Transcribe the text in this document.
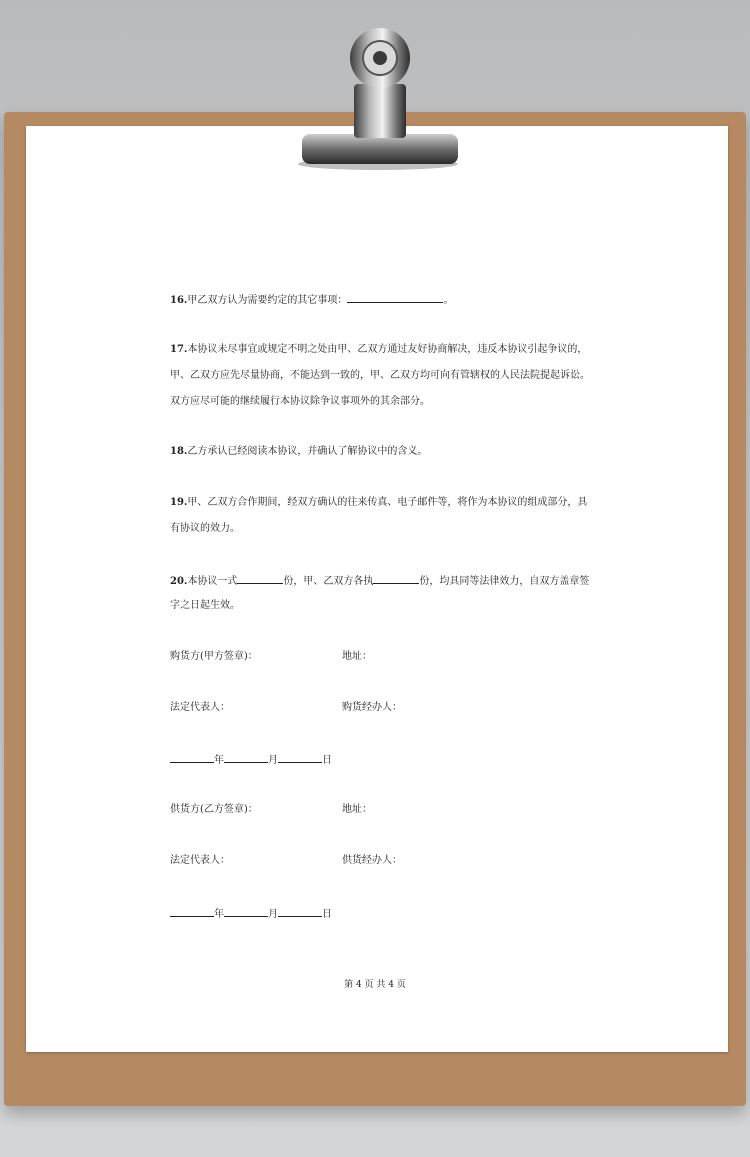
16.甲乙双方认为需要约定的其它事项：	。
17.本协议未尽事宜或规定不明之处由甲、乙双方通过友好协商解决，违反本协议引起争议的，
甲、乙双方应先尽量协商，不能达到一致的，甲、乙双方均可向有管辖权的人民法院提起诉讼。
双方应尽可能的继续履行本协议除争议事项外的其余部分。
18.乙方承认已经阅读本协议，并确认了解协议中的含义。
19.甲、乙双方合作期间，经双方确认的往来传真、电子邮件等，将作为本协议的组成部分，具
有协议的效力。
20.本协议一式	份，甲、乙双方各执	份，均具同等法律效力，自双方盖章签
字之日起生效。
购货方(甲方签章)：	地址：
法定代表人：	购货经办人：
年	月	日
供货方(乙方签章)：	地址：
法定代表人：	供货经办人：
年	月	日
第 4 页 共 4 页
